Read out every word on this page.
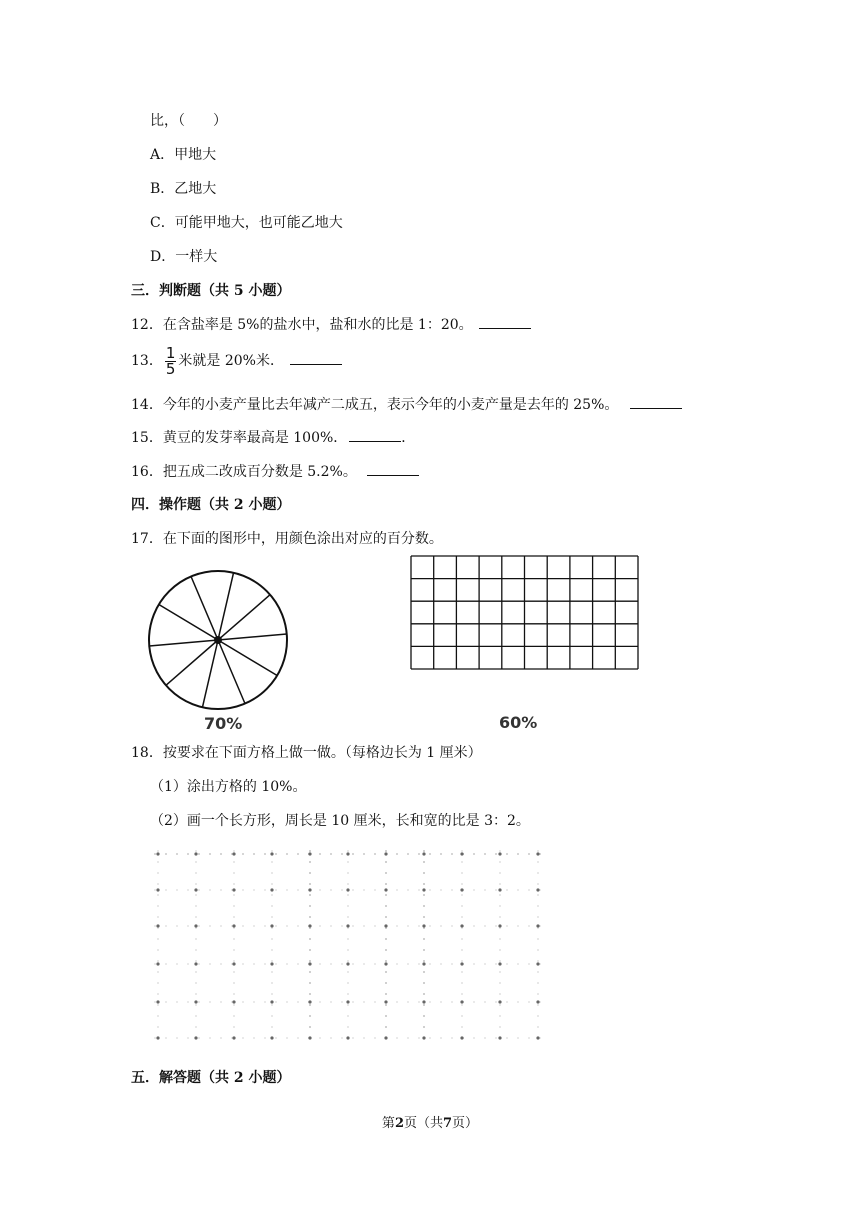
比，（　　）
A．甲地大
B．乙地大
C．可能甲地大，也可能乙地大
D．一样大
三．判断题（共 5 小题）
12．在含盐率是 5%的盐水中，盐和水的比是 1：20。
13． $\frac{1}{5}$ 米就是 20%米．
14．今年的小麦产量比去年减产二成五，表示今年的小麦产量是去年的 25%。
15．黄豆的发芽率最高是 100%．	．
16．把五成二改成百分数是 5.2%。
四．操作题（共 2 小题）
17．在下面的图形中，用颜色涂出对应的百分数。
70%	60%
18．按要求在下面方格上做一做。（每格边长为 1 厘米）
（1）涂出方格的 10%。
（2）画一个长方形，周长是 10 厘米，长和宽的比是 3：2。
五．解答题（共 2 小题）
第2页（共7页）
